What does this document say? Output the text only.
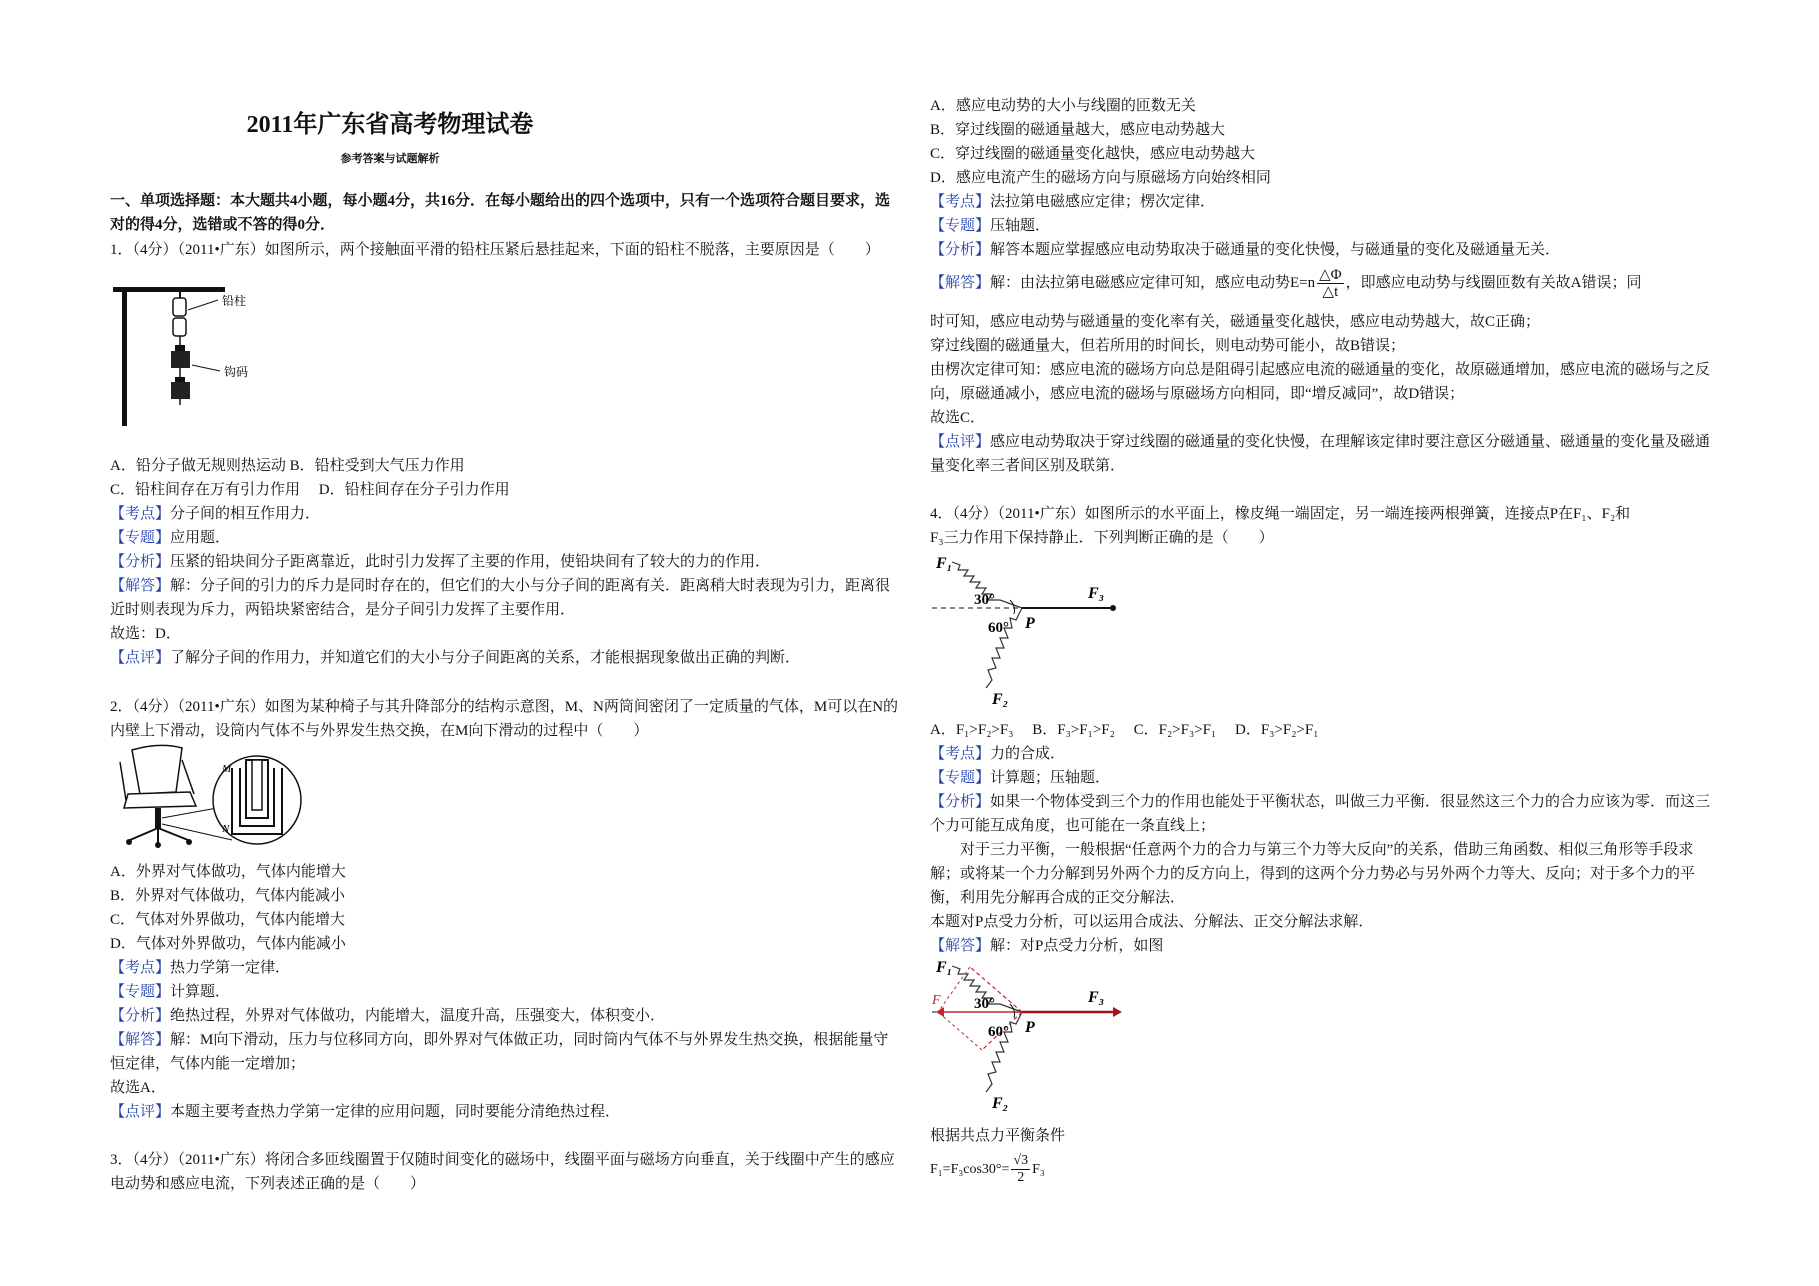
2011年广东省高考物理试卷
参考答案与试题解析
一、单项选择题：本大题共4小题，每小题4分，共16分．在每小题给出的四个选项中，只有一个选项符合题目要求，选对的得4分，选错或不答的得0分．
1．（4分）（2011•广东）如图所示，两个接触面平滑的铅柱压紧后悬挂起来，下面的铅柱不脱落，主要原因是（　　）
铅柱
钩码
A．铅分子做无规则热运动 B．铅柱受到大气压力作用
C．铅柱间存在万有引力作用　 D．铅柱间存在分子引力作用
【考点】分子间的相互作用力．
【专题】应用题．
【分析】压紧的铅块间分子距离靠近，此时引力发挥了主要的作用，使铅块间有了较大的力的作用．
【解答】解：分子间的引力的斥力是同时存在的，但它们的大小与分子间的距离有关．距离稍大时表现为引力，距离很近时则表现为斥力，两铅块紧密结合，是分子间引力发挥了主要作用．
故选：D．
【点评】了解分子间的作用力，并知道它们的大小与分子间距离的关系，才能根据现象做出正确的判断．
2．（4分）（2011•广东）如图为某种椅子与其升降部分的结构示意图，M、N两筒间密闭了一定质量的气体，M可以在N的内壁上下滑动，设筒内气体不与外界发生热交换，在M向下滑动的过程中（　　）
M
N
A．外界对气体做功，气体内能增大
B．外界对气体做功，气体内能减小
C．气体对外界做功，气体内能增大
D．气体对外界做功，气体内能减小
【考点】热力学第一定律．
【专题】计算题．
【分析】绝热过程，外界对气体做功，内能增大，温度升高，压强变大，体积变小．
【解答】解：M向下滑动，压力与位移同方向，即外界对气体做正功，同时筒内气体不与外界发生热交换，根据能量守恒定律，气体内能一定增加；
故选A．
【点评】本题主要考查热力学第一定律的应用问题，同时要能分清绝热过程．
3．（4分）（2011•广东）将闭合多匝线圈置于仅随时间变化的磁场中，线圈平面与磁场方向垂直，关于线圈中产生的感应电动势和感应电流，下列表述正确的是（　　）
A．感应电动势的大小与线圈的匝数无关
B．穿过线圈的磁通量越大，感应电动势越大
C．穿过线圈的磁通量变化越快，感应电动势越大
D．感应电流产生的磁场方向与原磁场方向始终相同
【考点】法拉第电磁感应定律；楞次定律．
【专题】压轴题．
【分析】解答本题应掌握感应电动势取决于磁通量的变化快慢，与磁通量的变化及磁通量无关．
【解答】解：由法拉第电磁感应定律可知，感应电动势$E=n \frac{\triangle\Phi}{\triangle t}$ ，即感应电动势与线圈匝数有关故A错误；同
时可知，感应电动势与磁通量的变化率有关，磁通量变化越快，感应电动势越大，故C正确；
穿过线圈的磁通量大，但若所用的时间长，则电动势可能小，故B错误；
由楞次定律可知：感应电流的磁场方向总是阻碍引起感应电流的磁通量的变化，故原磁通增加，感应电流的磁场与之反向，原磁通减小，感应电流的磁场与原磁场方向相同，即“增反减同”，故D错误；
故选C．
【点评】感应电动势取决于穿过线圈的磁通量的变化快慢，在理解该定律时要注意区分磁通量、磁通量的变化量及磁通量变化率三者间区别及联第．
4．（4分）（2011•广东）如图所示的水平面上，橡皮绳一端固定，另一端连接两根弹簧，连接点P在F₁、F₂和
F₃三力作用下保持静止．下列判断正确的是（　　）
F₁
F₃
30°
60° P
F₂
A．F₁>F₂>F₃　 B．F₃>F₁>F₂　 C．F₂>F₃>F₁　 D．F₃>F₂>F₁
【考点】力的合成．
【专题】计算题；压轴题．
【分析】如果一个物体受到三个力的作用也能处于平衡状态，叫做三力平衡．很显然这三个力的合力应该为零．而这三个力可能互成角度，也可能在一条直线上；
对于三力平衡，一般根据“任意两个力的合力与第三个力等大反向”的关系，借助三角函数、相似三角形等手段求解；或将某一个力分解到另外两个力的反方向上，得到的这两个分力势必与另外两个力等大、反向；对于多个力的平衡，利用先分解再合成的正交分解法．
本题对P点受力分析，可以运用合成法、分解法、正交分解法求解．
【解答】解：对P点受力分析，如图
F₁
F 30°
60° P
F₃
F₂
根据共点力平衡条件
$F_1=F_3\cos 30^\circ= \frac{√3}{2} F_3$
